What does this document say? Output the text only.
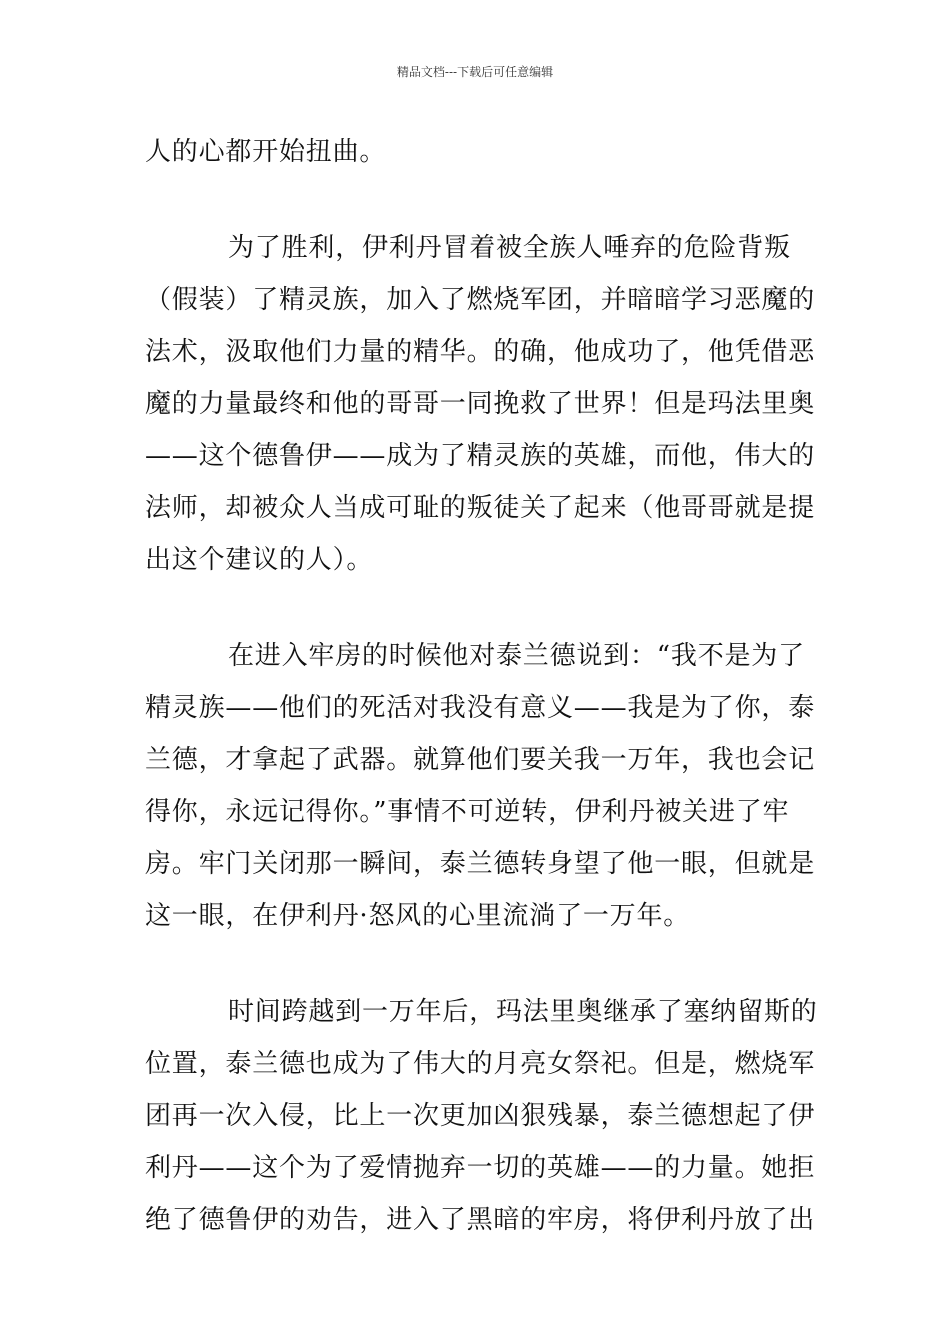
精品文档---下载后可任意编辑
人的心都开始扭曲。
为了胜利，伊利丹冒着被全族人唾弃的危险背叛
（假装）了精灵族，加入了燃烧军团，并暗暗学习恶魔的
法术，汲取他们力量的精华。的确，他成功了，他凭借恶
魔的力量最终和他的哥哥一同挽救了世界！但是玛法里奥
——这个德鲁伊——成为了精灵族的英雄，而他，伟大的
法师，却被众人当成可耻的叛徒关了起来（他哥哥就是提
出这个建议的人）。
在进入牢房的时候他对泰兰德说到：“我不是为了
精灵族——他们的死活对我没有意义——我是为了你，泰
兰德，才拿起了武器。就算他们要关我一万年，我也会记
得你，永远记得你。”事情不可逆转，伊利丹被关进了牢
房。牢门关闭那一瞬间，泰兰德转身望了他一眼，但就是
这一眼，在伊利丹·怒风的心里流淌了一万年。
时间跨越到一万年后，玛法里奥继承了塞纳留斯的
位置，泰兰德也成为了伟大的月亮女祭祀。但是，燃烧军
团再一次入侵，比上一次更加凶狠残暴，泰兰德想起了伊
利丹——这个为了爱情抛弃一切的英雄——的力量。她拒
绝了德鲁伊的劝告，进入了黑暗的牢房，将伊利丹放了出
